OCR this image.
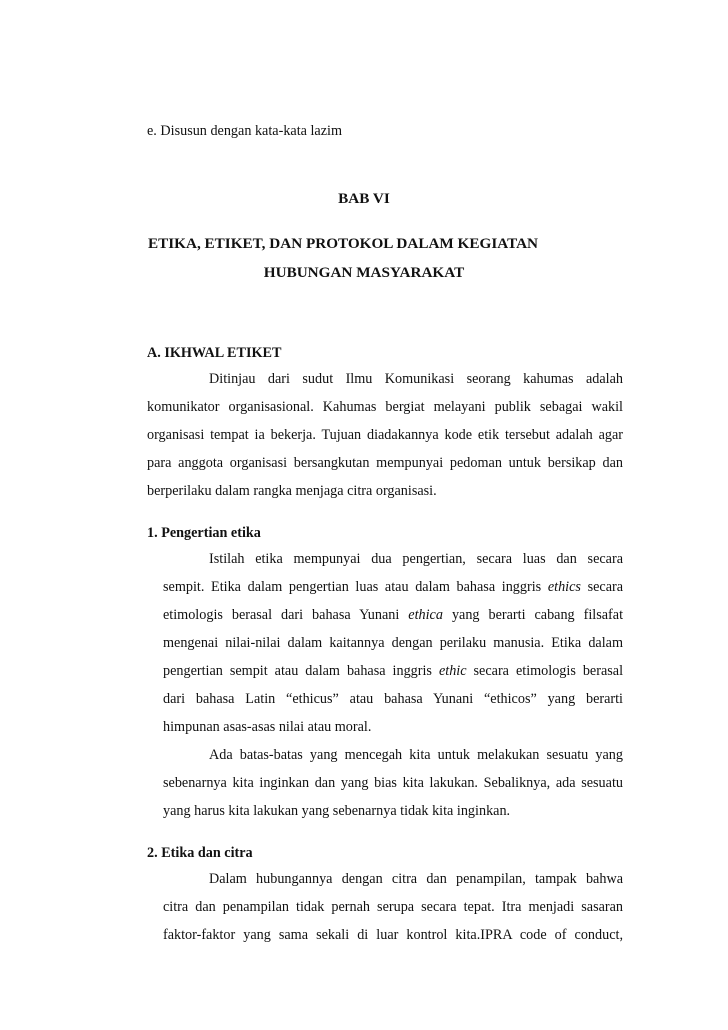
e. Disusun dengan kata-kata lazim
BAB VI
ETIKA, ETIKET, DAN PROTOKOL DALAM KEGIATAN
HUBUNGAN MASYARAKAT
A. IKHWAL ETIKET
Ditinjau dari sudut Ilmu Komunikasi seorang kahumas adalah
komunikator organisasional. Kahumas bergiat melayani publik sebagai wakil
organisasi tempat ia bekerja. Tujuan diadakannya kode etik tersebut adalah agar
para anggota organisasi bersangkutan mempunyai pedoman untuk bersikap dan
berperilaku dalam rangka menjaga citra organisasi.
1. Pengertian etika
Istilah etika mempunyai dua pengertian, secara luas dan secara
sempit. Etika dalam pengertian luas atau dalam bahasa inggris ethics secara
etimologis berasal dari bahasa Yunani ethica yang berarti cabang filsafat
mengenai nilai-nilai dalam kaitannya dengan perilaku manusia. Etika dalam
pengertian sempit atau dalam bahasa inggris ethic secara etimologis berasal
dari bahasa Latin “ethicus” atau bahasa Yunani “ethicos” yang berarti
himpunan asas-asas nilai atau moral.
Ada batas-batas yang mencegah kita untuk melakukan sesuatu yang
sebenarnya kita inginkan dan yang bias kita lakukan. Sebaliknya, ada sesuatu
yang harus kita lakukan yang sebenarnya tidak kita inginkan.
2. Etika dan citra
Dalam hubungannya dengan citra dan penampilan, tampak bahwa
citra dan penampilan tidak pernah serupa secara tepat. Itra menjadi sasaran
faktor-faktor yang sama sekali di luar kontrol kita.IPRA code of conduct,
